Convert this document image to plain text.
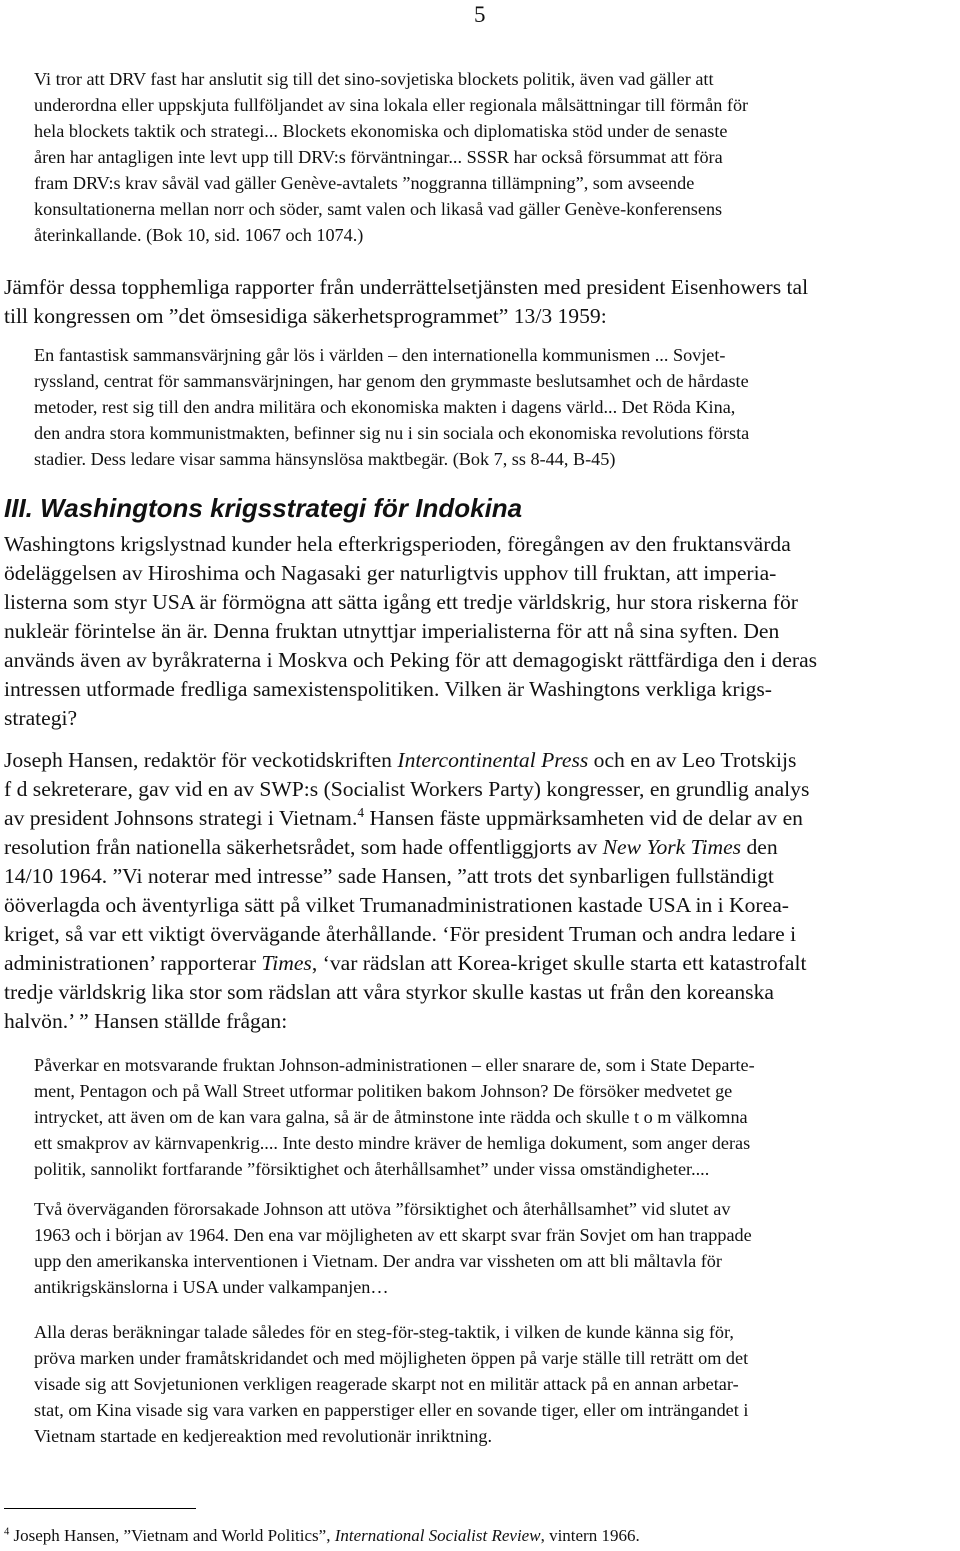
5
Vi tror att DRV fast har anslutit sig till det sino-sovjetiska blockets politik, även vad gäller att
underordna eller uppskjuta fullföljandet av sina lokala eller regionala målsättningar till förmån för
hela blockets taktik och strategi... Blockets ekonomiska och diplomatiska stöd under de senaste
åren har antagligen inte levt upp till DRV:s förväntningar... SSSR har också försummat att föra
fram DRV:s krav såväl vad gäller Genève-avtalets ”noggranna tillämpning”, som avseende
konsultationerna mellan norr och söder, samt valen och likaså vad gäller Genève-konferensens
återinkallande. (Bok 10, sid. 1067 och 1074.)
Jämför dessa topphemliga rapporter från underrättelsetjänsten med president Eisenhowers tal
till kongressen om ”det ömsesidiga säkerhetsprogrammet” 13/3 1959:
En fantastisk sammansvärjning går lös i världen – den internationella kommunismen ... Sovjet-
ryssland, centrat för sammansvärjningen, har genom den grymmaste beslutsamhet och de hårdaste
metoder, rest sig till den andra militära och ekonomiska makten i dagens värld... Det Röda Kina,
den andra stora kommunistmakten, befinner sig nu i sin sociala och ekonomiska revolutions första
stadier. Dess ledare visar samma hänsynslösa maktbegär. (Bok 7, ss 8-44, B-45)
III. Washingtons krigsstrategi för Indokina
Washingtons krigslystnad kunder hela efterkrigsperioden, föregången av den fruktansvärda
ödeläggelsen av Hiroshima och Nagasaki ger naturligtvis upphov till fruktan, att imperia-
listerna som styr USA är förmögna att sätta igång ett tredje världskrig, hur stora riskerna för
nukleär förintelse än är. Denna fruktan utnyttjar imperialisterna för att nå sina syften. Den
används även av byråkraterna i Moskva och Peking för att demagogiskt rättfärdiga den i deras
intressen utformade fredliga samexistenspolitiken. Vilken är Washingtons verkliga krigs-
strategi?
Joseph Hansen, redaktör för veckotidskriften Intercontinental Press och en av Leo Trotskijs
f d sekreterare, gav vid en av SWP:s (Socialist Workers Party) kongresser, en grundlig analys
av president Johnsons strategi i Vietnam.$^4$ Hansen fäste uppmärksamheten vid de delar av en
resolution från nationella säkerhetsrådet, som hade offentliggjorts av New York Times den
14/10 1964. ”Vi noterar med intresse” sade Hansen, ”att trots det synbarligen fullständigt
ööverlagda och äventyrliga sätt på vilket Trumanadministrationen kastade USA in i Korea-
kriget, så var ett viktigt övervägande återhållande. ‘För president Truman och andra ledare i
administrationen’ rapporterar Times, ‘var rädslan att Korea-kriget skulle starta ett katastrofalt
tredje världskrig lika stor som rädslan att våra styrkor skulle kastas ut från den koreanska
halvön.’ ” Hansen ställde frågan:
Påverkar en motsvarande fruktan Johnson-administrationen – eller snarare de, som i State Departe-
ment, Pentagon och på Wall Street utformar politiken bakom Johnson? De försöker medvetet ge
intrycket, att även om de kan vara galna, så är de åtminstone inte rädda och skulle t o m välkomna
ett smakprov av kärnvapenkrig.... Inte desto mindre kräver de hemliga dokument, som anger deras
politik, sannolikt fortfarande ”försiktighet och återhållsamhet” under vissa omständigheter....
Två överväganden förorsakade Johnson att utöva ”försiktighet och återhållsamhet” vid slutet av
1963 och i början av 1964. Den ena var möjligheten av ett skarpt svar frän Sovjet om han trappade
upp den amerikanska interventionen i Vietnam. Der andra var vissheten om att bli måltavla för
antikrigskänslorna i USA under valkampanjen…
Alla deras beräkningar talade således för en steg-för-steg-taktik, i vilken de kunde känna sig för,
pröva marken under framåtskridandet och med möjligheten öppen på varje ställe till reträtt om det
visade sig att Sovjetunionen verkligen reagerade skarpt not en militär attack på en annan arbetar-
stat, om Kina visade sig vara varken en papperstiger eller en sovande tiger, eller om inträngandet i
Vietnam startade en kedjereaktion med revolutionär inriktning.
$^4$ Joseph Hansen, ”Vietnam and World Politics”, International Socialist Review, vintern 1966.
